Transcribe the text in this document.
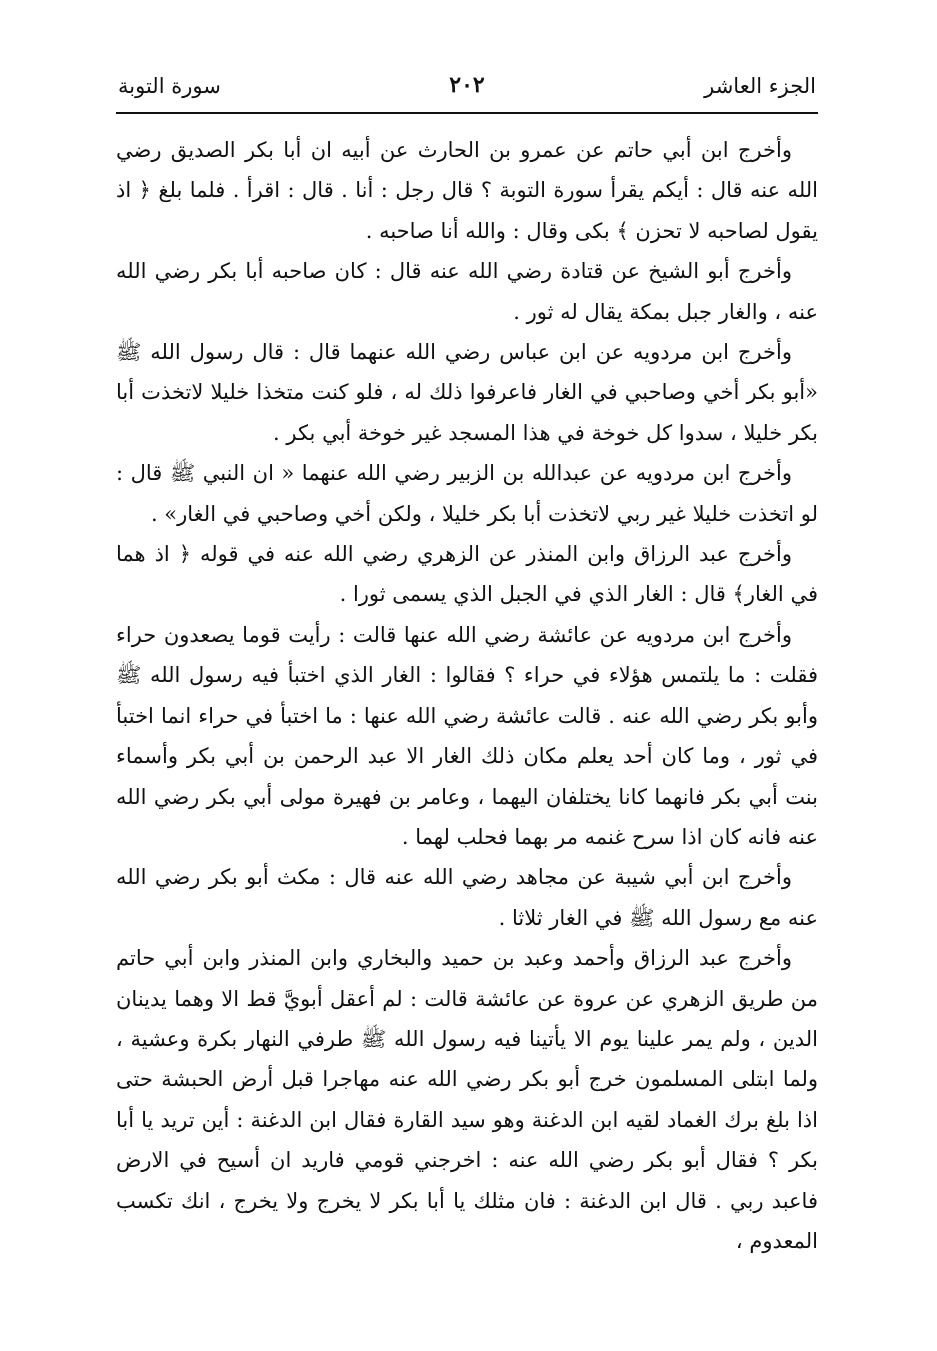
الجزء العاشر
٢٠٢
سورة التوبة

وأخرج ابن أبي حاتم عن عمرو بن الحارث عن أبيه ان أبا بكر الصديق رضي الله عنه قال : أيكم يقرأ سورة التوبة ؟ قال رجل : أنا . قال : اقرأ . فلما بلغ ﴿ اذ يقول لصاحبه لا تحزن ﴾ بكى وقال : والله أنا صاحبه .

وأخرج أبو الشيخ عن قتادة رضي الله عنه قال : كان صاحبه أبا بكر رضي الله عنه ، والغار جبل بمكة يقال له ثور .

وأخرج ابن مردويه عن ابن عباس رضي الله عنهما قال : قال رسول الله ﷺ «أبو بكر أخي وصاحبي في الغار فاعرفوا ذلك له ، فلو كنت متخذا خليلا لاتخذت أبا بكر خليلا ، سدوا كل خوخة في هذا المسجد غير خوخة أبي بكر .

وأخرج ابن مردويه عن عبدالله بن الزبير رضي الله عنهما « ان النبي ﷺ قال : لو اتخذت خليلا غير ربي لاتخذت أبا بكر خليلا ، ولكن أخي وصاحبي في الغار» .

وأخرج عبد الرزاق وابن المنذر عن الزهري رضي الله عنه في قوله ﴿ اذ هما في الغار﴾ قال : الغار الذي في الجبل الذي يسمى ثورا .

وأخرج ابن مردويه عن عائشة رضي الله عنها قالت : رأيت قوما يصعدون حراء فقلت : ما يلتمس هؤلاء في حراء ؟ فقالوا : الغار الذي اختبأ فيه رسول الله ﷺ وأبو بكر رضي الله عنه . قالت عائشة رضي الله عنها : ما اختبأ في حراء انما اختبأ في ثور ، وما كان أحد يعلم مكان ذلك الغار الا عبد الرحمن بن أبي بكر وأسماء بنت أبي بكر فانهما كانا يختلفان اليهما ، وعامر بن فهيرة مولى أبي بكر رضي الله عنه فانه كان اذا سرح غنمه مر بهما فحلب لهما .

وأخرج ابن أبي شيبة عن مجاهد رضي الله عنه قال : مكث أبو بكر رضي الله عنه مع رسول الله ﷺ في الغار ثلاثا .

وأخرج عبد الرزاق وأحمد وعبد بن حميد والبخاري وابن المنذر وابن أبي حاتم من طريق الزهري عن عروة عن عائشة قالت : لم أعقل أبويَّ قط الا وهما يدينان الدين ، ولم يمر علينا يوم الا يأتينا فيه رسول الله ﷺ طرفي النهار بكرة وعشية ، ولما ابتلى المسلمون خرج أبو بكر رضي الله عنه مهاجرا قبل أرض الحبشة حتى اذا بلغ برك الغماد لقيه ابن الدغنة وهو سيد القارة فقال ابن الدغنة : أين تريد يا أبا بكر ؟ فقال أبو بكر رضي الله عنه : اخرجني قومي فاريد ان أسيح في الارض فاعبد ربي . قال ابن الدغنة : فان مثلك يا أبا بكر لا يخرج ولا يخرج ، انك تكسب المعدوم ،
